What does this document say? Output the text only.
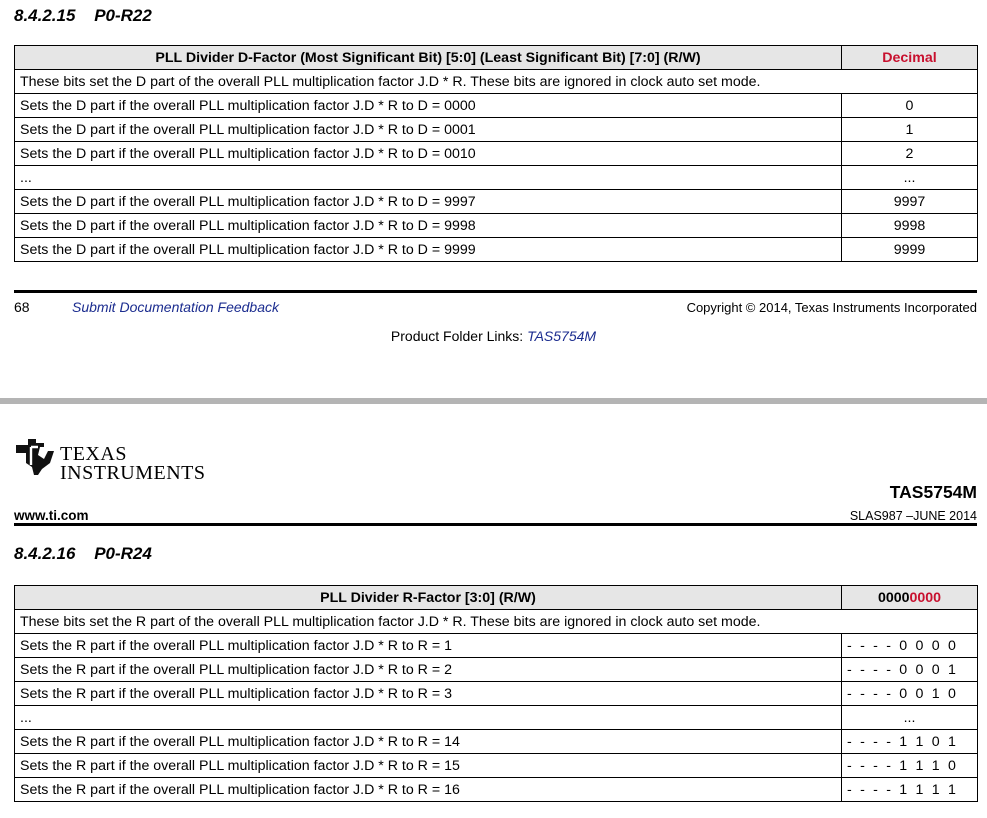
8.4.2.15 P0-R22
PLL Divider D-Factor (Most Significant Bit) [5:0] (Least Significant Bit) [7:0] (R/W)	Decimal
These bits set the D part of the overall PLL multiplication factor J.D * R. These bits are ignored in clock auto set mode.	
Sets the D part if the overall PLL multiplication factor J.D * R to D = 0000	0
Sets the D part if the overall PLL multiplication factor J.D * R to D = 0001	1
Sets the D part if the overall PLL multiplication factor J.D * R to D = 0010	2
...	...
Sets the D part if the overall PLL multiplication factor J.D * R to D = 9997	9997
Sets the D part if the overall PLL multiplication factor J.D * R to D = 9998	9998
Sets the D part if the overall PLL multiplication factor J.D * R to D = 9999	9999
68	Submit Documentation Feedback	Copyright © 2014, Texas Instruments Incorporated
Product Folder Links: TAS5754M
TEXAS
INSTRUMENTS
TAS5754M
www.ti.com	SLAS987 –JUNE 2014
8.4.2.16 P0-R24
PLL Divider R-Factor [3:0] (R/W)	00000000
These bits set the R part of the overall PLL multiplication factor J.D * R. These bits are ignored in clock auto set mode.	
Sets the R part if the overall PLL multiplication factor J.D * R to R = 1	- - - - 0 0 0 0
Sets the R part if the overall PLL multiplication factor J.D * R to R = 2	- - - - 0 0 0 1
Sets the R part if the overall PLL multiplication factor J.D * R to R = 3	- - - - 0 0 1 0
...	...
Sets the R part if the overall PLL multiplication factor J.D * R to R = 14	- - - - 1 1 0 1
Sets the R part if the overall PLL multiplication factor J.D * R to R = 15	- - - - 1 1 1 0
Sets the R part if the overall PLL multiplication factor J.D * R to R = 16	- - - - 1 1 1 1
